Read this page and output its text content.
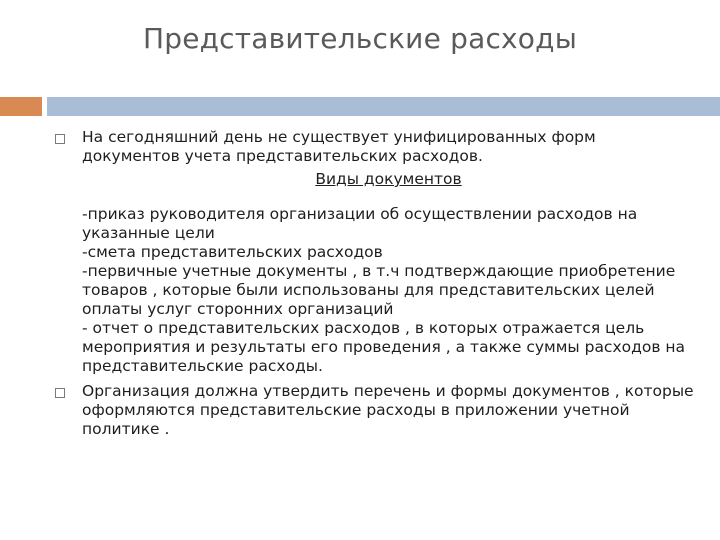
Представительские расходы
На сегодняшний день не существует унифицированных форм документов учета представительских расходов.
Виды документов
-приказ руководителя организации об осуществлении расходов на указанные цели
-смета представительских расходов
-первичные учетные документы , в т.ч подтверждающие приобретение товаров , которые были использованы для представительских целей оплаты услуг сторонних организаций
- отчет о представительских расходов , в которых отражается цель мероприятия и результаты его проведения , а также суммы расходов на представительские расходы.
Организация должна утвердить перечень и формы документов , которые оформляются представительские расходы в приложении учетной политике .
